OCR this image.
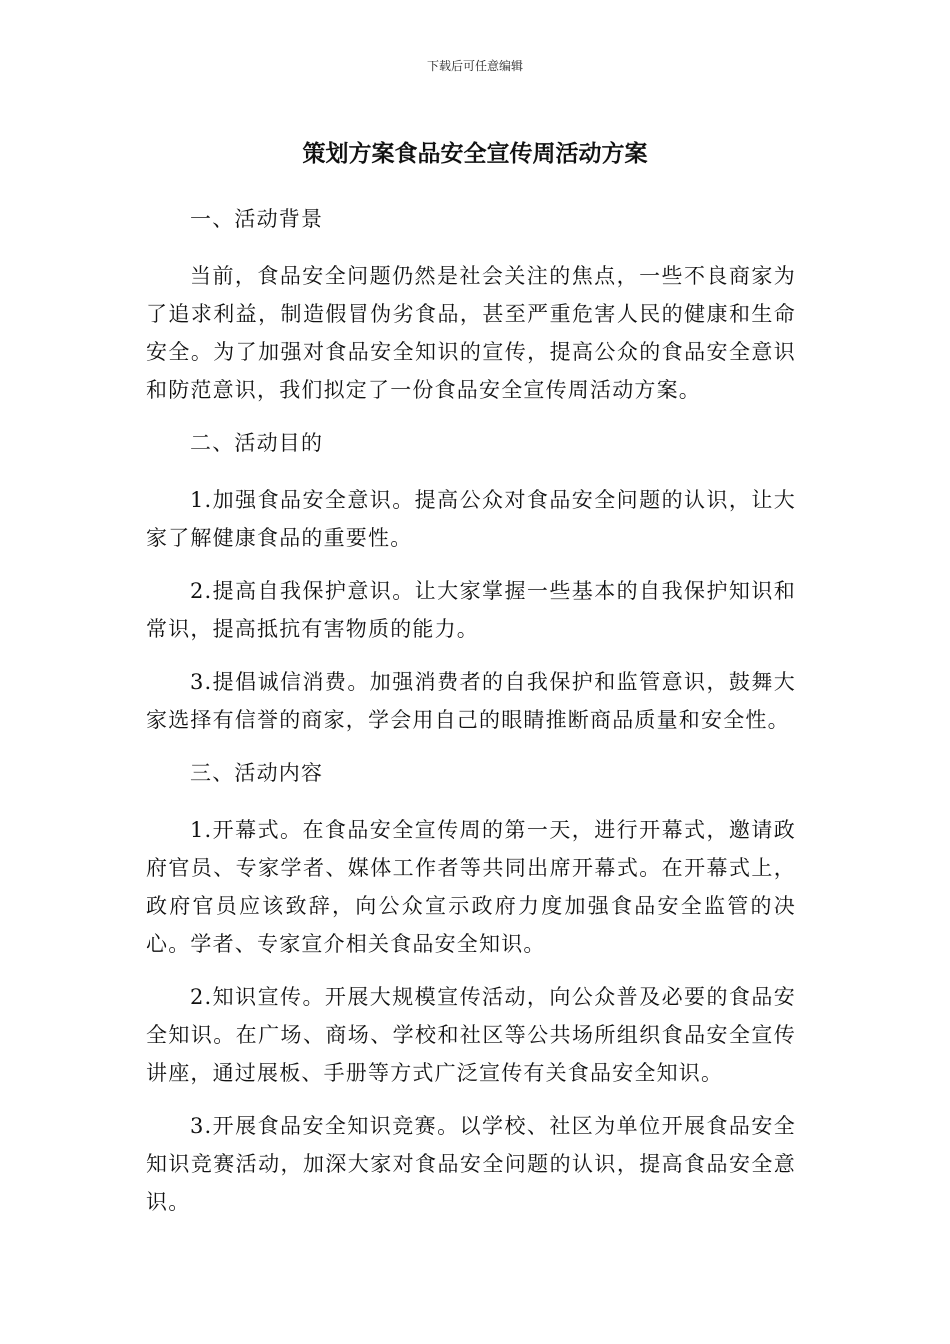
下载后可任意编辑
策划方案食品安全宣传周活动方案

一、活动背景

当前，食品安全问题仍然是社会关注的焦点，一些不良商家为了追求利益，制造假冒伪劣食品，甚至严重危害人民的健康和生命安全。为了加强对食品安全知识的宣传，提高公众的食品安全意识和防范意识，我们拟定了一份食品安全宣传周活动方案。

二、活动目的

1.加强食品安全意识。提高公众对食品安全问题的认识，让大家了解健康食品的重要性。

2.提高自我保护意识。让大家掌握一些基本的自我保护知识和常识，提高抵抗有害物质的能力。

3.提倡诚信消费。加强消费者的自我保护和监管意识，鼓舞大家选择有信誉的商家，学会用自己的眼睛推断商品质量和安全性。

三、活动内容

1.开幕式。在食品安全宣传周的第一天，进行开幕式，邀请政府官员、专家学者、媒体工作者等共同出席开幕式。在开幕式上，政府官员应该致辞，向公众宣示政府力度加强食品安全监管的决心。学者、专家宣介相关食品安全知识。

2.知识宣传。开展大规模宣传活动，向公众普及必要的食品安全知识。在广场、商场、学校和社区等公共场所组织食品安全宣传讲座，通过展板、手册等方式广泛宣传有关食品安全知识。

3.开展食品安全知识竞赛。以学校、社区为单位开展食品安全知识竞赛活动，加深大家对食品安全问题的认识，提高食品安全意识。
